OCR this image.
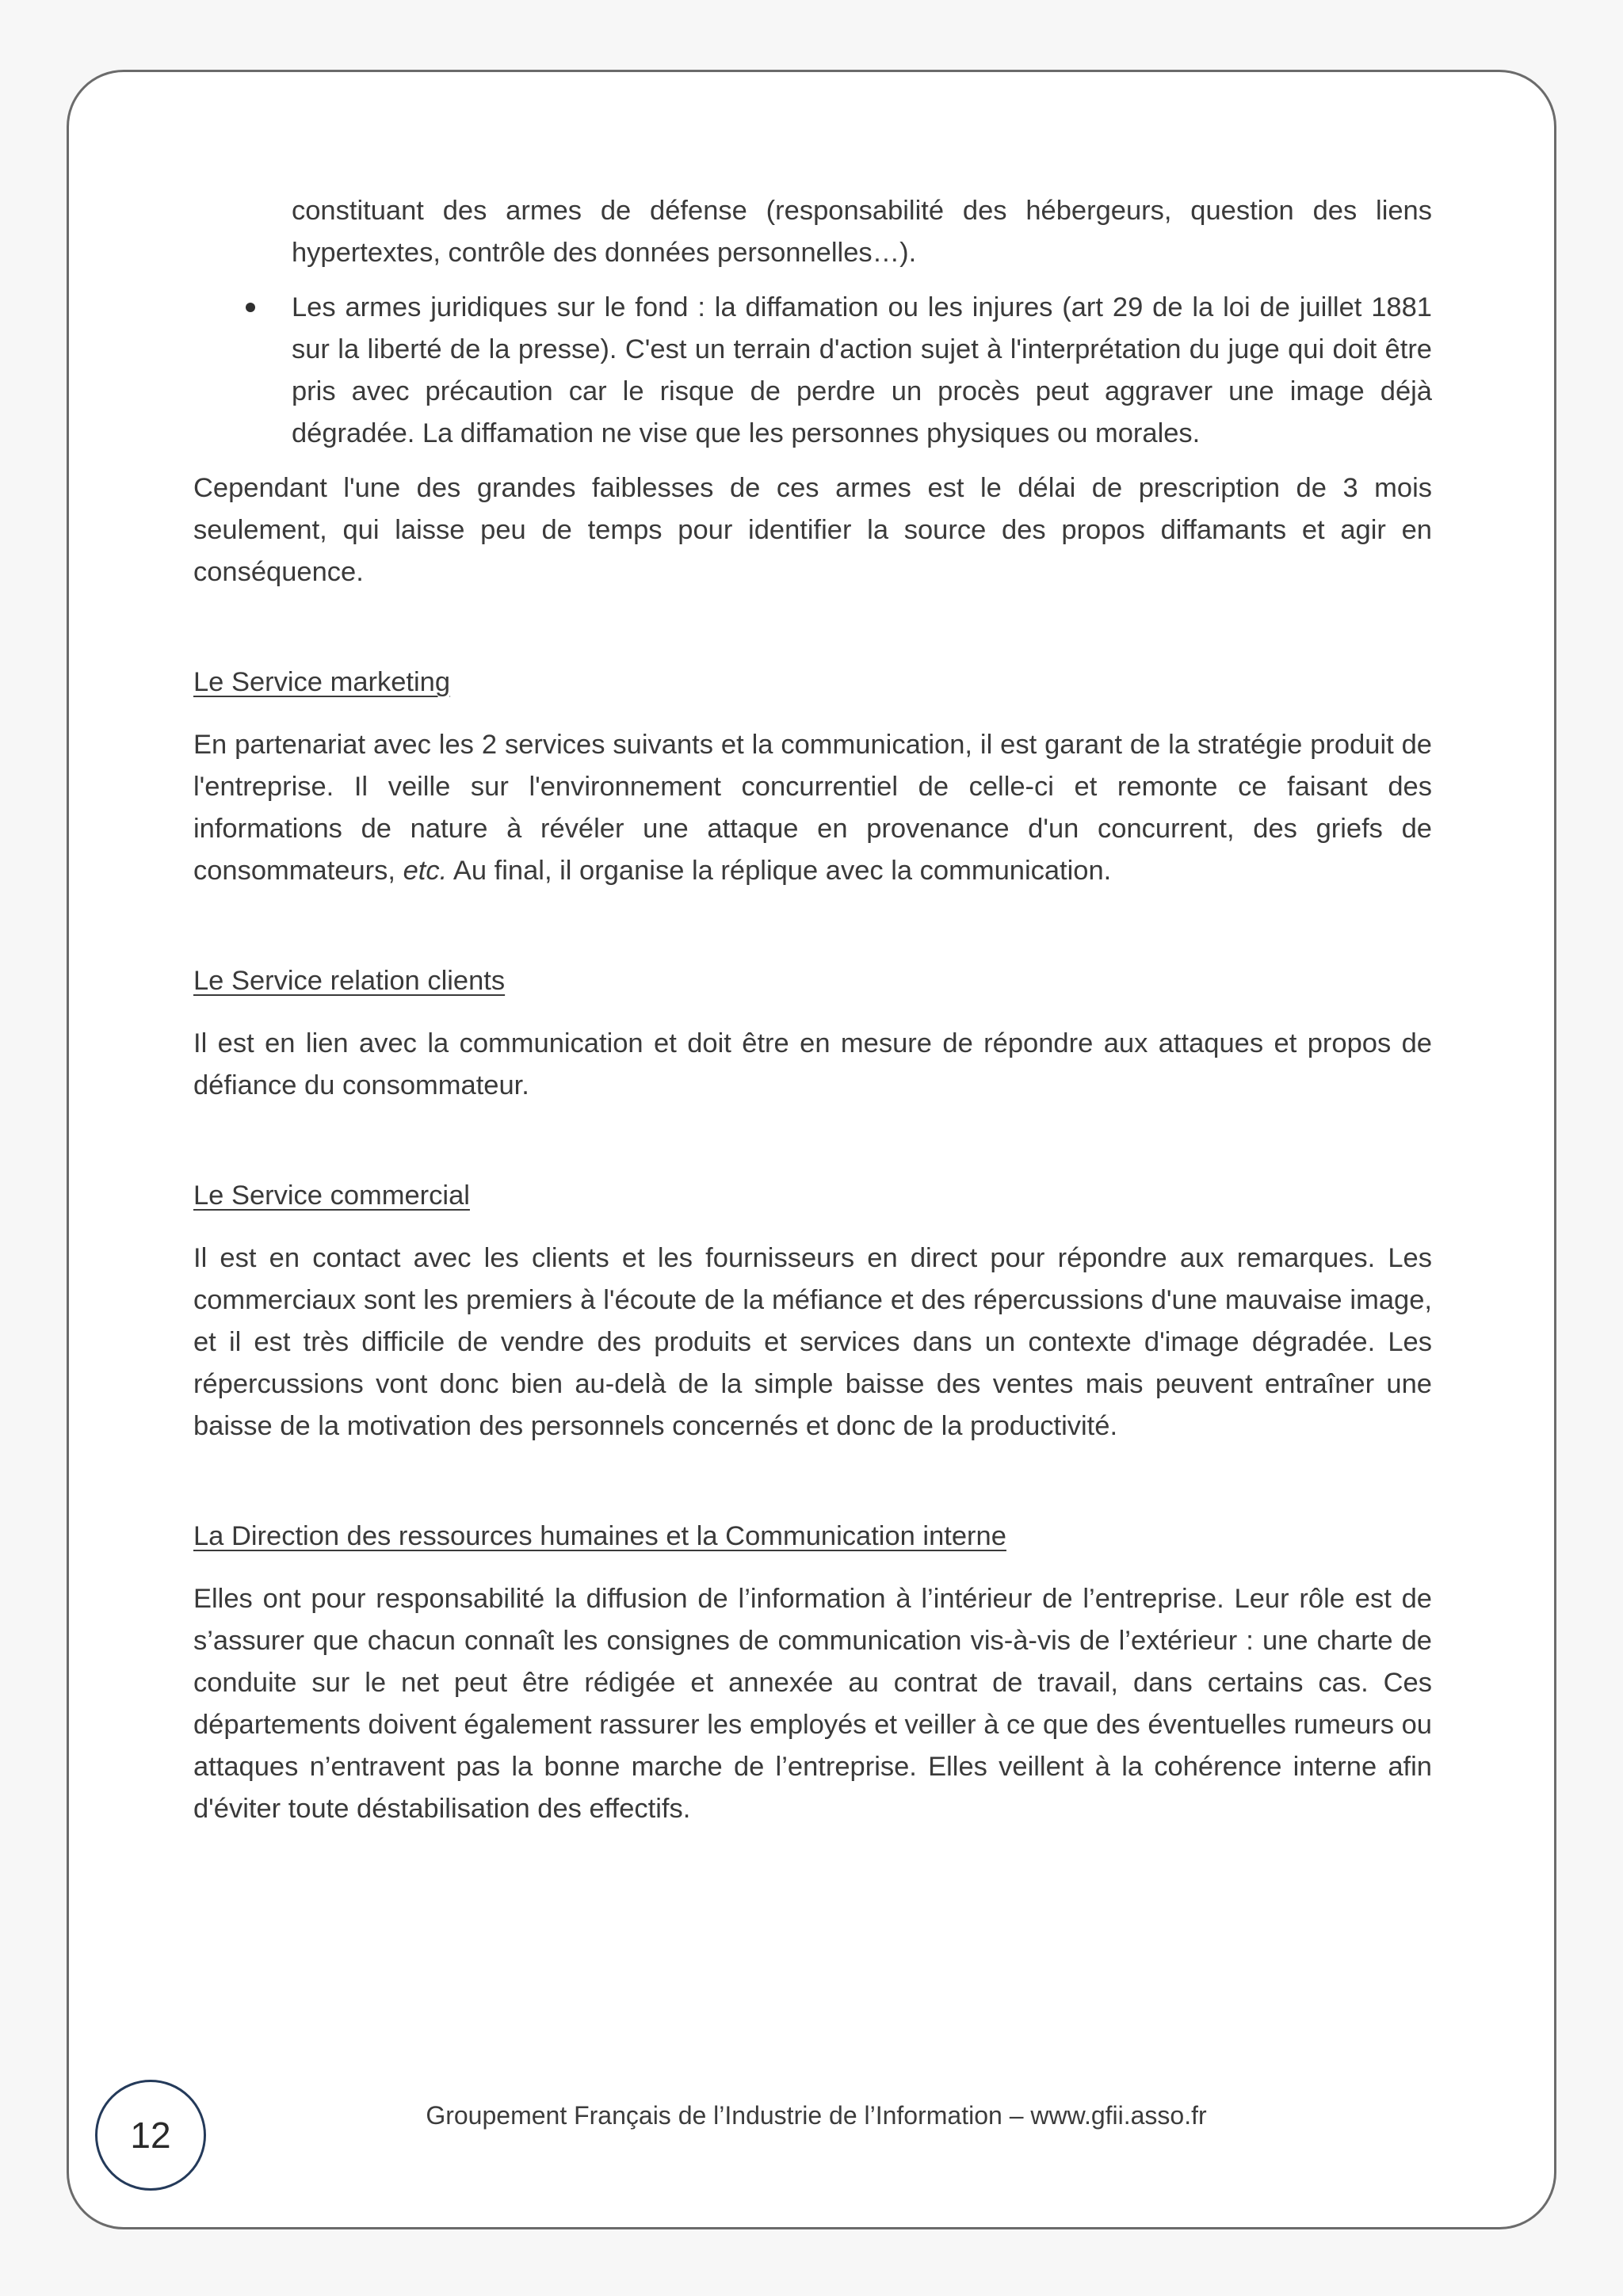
constituant des armes de défense (responsabilité des hébergeurs, question des liens hypertextes, contrôle des données personnelles…).

Les armes juridiques sur le fond : la diffamation ou les injures (art 29 de la loi de juillet 1881 sur la liberté de la presse). C'est un terrain d'action sujet à l'interprétation du juge qui doit être pris avec précaution car le risque de perdre un procès peut aggraver une image déjà dégradée. La diffamation ne vise que les personnes physiques ou morales.

Cependant l'une des grandes faiblesses de ces armes est le délai de prescription de 3 mois seulement, qui laisse peu de temps pour identifier la source des propos diffamants et agir en conséquence.

Le Service marketing

En partenariat avec les 2 services suivants et la communication, il est garant de la stratégie produit de l'entreprise. Il veille sur l'environnement concurrentiel de celle-ci et remonte ce faisant des informations de nature à révéler une attaque en provenance d'un concurrent, des griefs de consommateurs, etc. Au final, il organise la réplique avec la communication.

Le Service relation clients

Il est en lien avec la communication et doit être en mesure de répondre aux attaques et propos de défiance du consommateur.

Le Service commercial

Il est en contact avec les clients et les fournisseurs en direct pour répondre aux remarques. Les commerciaux sont les premiers à l'écoute de la méfiance et des répercussions d'une mauvaise image, et il est très difficile de vendre des produits et services dans un contexte d'image dégradée. Les répercussions vont donc bien au-delà de la simple baisse des ventes mais peuvent entraîner une baisse de la motivation des personnels concernés et donc de la productivité.

La Direction des ressources humaines et la Communication interne

Elles ont pour responsabilité la diffusion de l’information à l’intérieur de l’entreprise. Leur rôle est de s’assurer que chacun connaît les consignes de communication vis-à-vis de l’extérieur : une charte de conduite sur le net peut être rédigée et annexée au contrat de travail, dans certains cas. Ces départements doivent également rassurer les employés et veiller à ce que des éventuelles rumeurs ou attaques n’entravent pas la bonne marche de l’entreprise. Elles veillent à la cohérence interne afin d'éviter toute déstabilisation des effectifs.

12	Groupement Français de l’Industrie de l’Information – www.gfii.asso.fr
